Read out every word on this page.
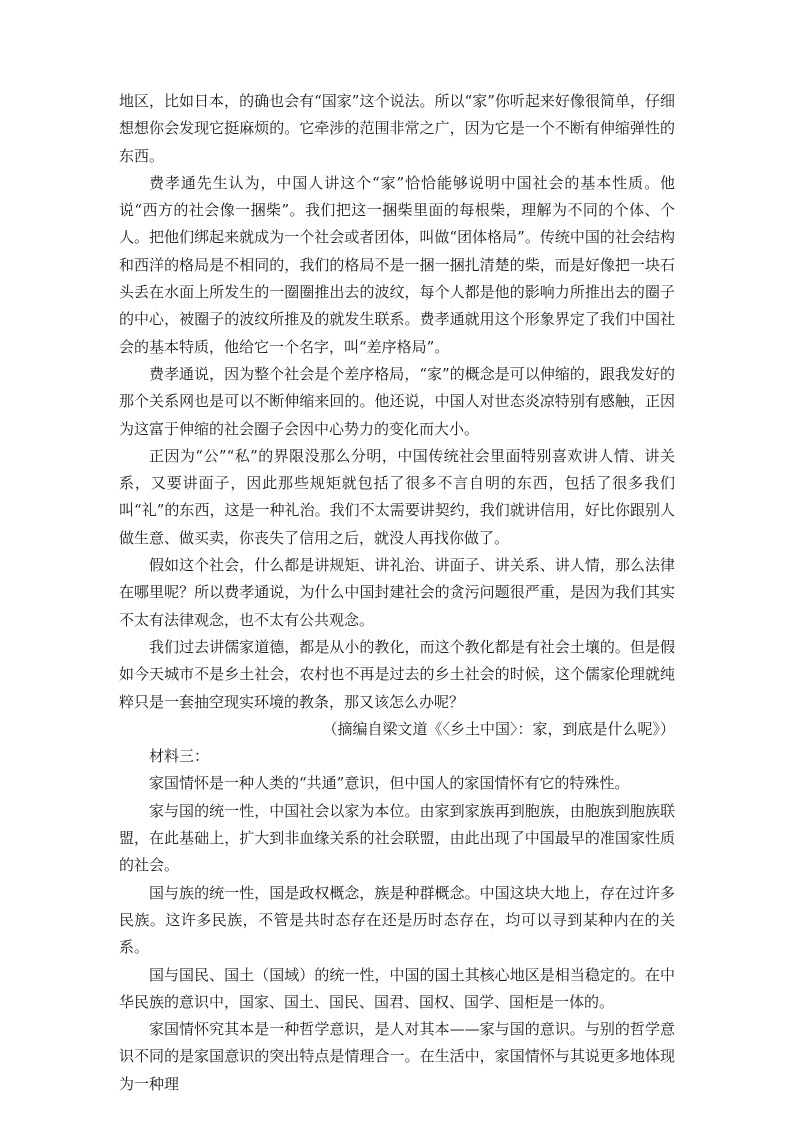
地区，比如日本，的确也会有“国家”这个说法。所以“家”你听起来好像很简单，仔细想想你会发现它挺麻烦的。它牵涉的范围非常之广，因为它是一个不断有伸缩弹性的东西。

费孝通先生认为，中国人讲这个“家”恰恰能够说明中国社会的基本性质。他说“西方的社会像一捆柴”。我们把这一捆柴里面的每根柴，理解为不同的个体、个人。把他们绑起来就成为一个社会或者团体，叫做“团体格局”。传统中国的社会结构和西洋的格局是不相同的，我们的格局不是一捆一捆扎清楚的柴，而是好像把一块石头丢在水面上所发生的一圈圈推出去的波纹，每个人都是他的影响力所推出去的圈子的中心，被圈子的波纹所推及的就发生联系。费孝通就用这个形象界定了我们中国社会的基本特质，他给它一个名字，叫“差序格局”。

费孝通说，因为整个社会是个差序格局，“家”的概念是可以伸缩的，跟我发好的那个关系网也是可以不断伸缩来回的。他还说，中国人对世态炎凉特别有感触，正因为这富于伸缩的社会圈子会因中心势力的变化而大小。

正因为“公”“私”的界限没那么分明，中国传统社会里面特别喜欢讲人情、讲关系，又要讲面子，因此那些规矩就包括了很多不言自明的东西，包括了很多我们叫“礼”的东西，这是一种礼治。我们不太需要讲契约，我们就讲信用，好比你跟别人做生意、做买卖，你丧失了信用之后，就没人再找你做了。

假如这个社会，什么都是讲规矩、讲礼治、讲面子、讲关系、讲人情，那么法律在哪里呢？所以费孝通说，为什么中国封建社会的贪污问题很严重，是因为我们其实不太有法律观念，也不太有公共观念。

我们过去讲儒家道德，都是从小的教化，而这个教化都是有社会土壤的。但是假如今天城市不是乡土社会，农村也不再是过去的乡土社会的时候，这个儒家伦理就纯粹只是一套抽空现实环境的教条，那又该怎么办呢？

（摘编自梁文道《〈乡土中国〉：家，到底是什么呢》）

材料三：

家国情怀是一种人类的“共通”意识，但中国人的家国情怀有它的特殊性。

家与国的统一性，中国社会以家为本位。由家到家族再到胞族，由胞族到胞族联盟，在此基础上，扩大到非血缘关系的社会联盟，由此出现了中国最早的准国家性质的社会。

国与族的统一性，国是政权概念，族是种群概念。中国这块大地上，存在过许多民族。这许多民族，不管是共时态存在还是历时态存在，均可以寻到某种内在的关系。

国与国民、国土（国域）的统一性，中国的国土其核心地区是相当稳定的。在中华民族的意识中，国家、国土、国民、国君、国权、国学、国柜是一体的。

家国情怀究其本是一种哲学意识，是人对其本——家与国的意识。与别的哲学意识不同的是家国意识的突出特点是情理合一。在生活中，家国情怀与其说更多地体现为一种理
